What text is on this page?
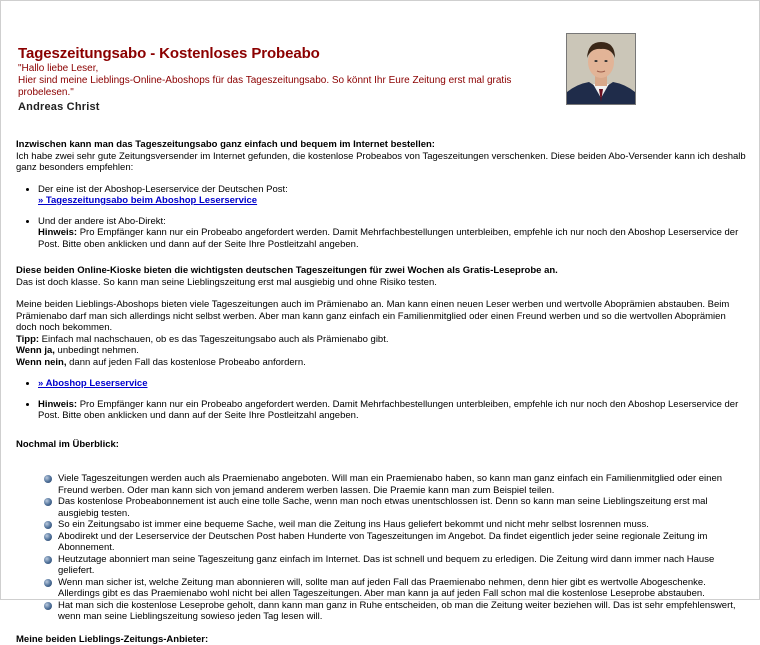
Tageszeitungsabo - Kostenloses Probeabo
"Hallo liebe Leser,
Hier sind meine Lieblings-Online-Aboshops für das Tageszeitungsabo. So könnt Ihr Eure Zeitung erst mal gratis probelesen."
Andreas Christ

Inzwischen kann man das Tageszeitungsabo ganz einfach und bequem im Internet bestellen:

Ich habe zwei sehr gute Zeitungsversender im Internet gefunden, die kostenlose Probeabos von Tageszeitungen verschenken. Diese beiden Abo-Versender kann ich deshalb ganz besonders empfehlen:

• Der eine ist der Aboshop-Leserservice der Deutschen Post:
» Tageszeitungsabo beim Aboshop Leserservice
• Und der andere ist Abo-Direkt:
Hinweis: Pro Empfänger kann nur ein Probeabo angefordert werden. Damit Mehrfachbestellungen unterbleiben, empfehle ich nur noch den Aboshop Leserservice der Post. Bitte oben anklicken und dann auf der Seite Ihre Postleitzahl angeben.

Diese beiden Online-Kioske bieten die wichtigsten deutschen Tageszeitungen für zwei Wochen als Gratis-Leseprobe an.

Das ist doch klasse. So kann man seine Lieblingszeitung erst mal ausgiebig und ohne Risiko testen.

Meine beiden Lieblings-Aboshops bieten viele Tageszeitungen auch im Prämienabo an. Man kann einen neuen Leser werben und wertvolle Aboprämien abstauben. Beim Prämienabo darf man sich allerdings nicht selbst werben. Aber man kann ganz einfach ein Familienmitglied oder einen Freund werben und so die wertvollen Aboprämien doch noch bekommen.

Tipp: Einfach mal nachschauen, ob es das Tageszeitungsabo auch als Prämienabo gibt.

Wenn ja, unbedingt nehmen.

Wenn nein, dann auf jeden Fall das kostenlose Probeabo anfordern.

• » Aboshop Leserservice
• Hinweis: Pro Empfänger kann nur ein Probeabo angefordert werden. Damit Mehrfachbestellungen unterbleiben, empfehle ich nur noch den Aboshop Leserservice der Post. Bitte oben anklicken und dann auf der Seite Ihre Postleitzahl angeben.

Nochmal im Überblick:

Viele Tageszeitungen werden auch als Praemienabo angeboten. Will man ein Praemienabo haben, so kann man ganz einfach ein Familienmitglied oder einen Freund werben. Oder man kann sich von jemand anderem werben lassen. Die Praemie kann man zum Beispiel teilen.
Das kostenlose Probeabonnement ist auch eine tolle Sache, wenn man noch etwas unentschlossen ist. Denn so kann man seine Lieblingszeitung erst mal ausgiebig testen.
So ein Zeitungsabo ist immer eine bequeme Sache, weil man die Zeitung ins Haus geliefert bekommt und nicht mehr selbst losrennen muss.
Abodirekt und der Leserservice der Deutschen Post haben Hunderte von Tageszeitungen im Angebot. Da findet eigentlich jeder seine regionale Zeitung im Abonnement.
Heutzutage abonniert man seine Tageszeitung ganz einfach im Internet. Das ist schnell und bequem zu erledigen. Die Zeitung wird dann immer nach Hause geliefert.
Wenn man sicher ist, welche Zeitung man abonnieren will, sollte man auf jeden Fall das Praemienabo nehmen, denn hier gibt es wertvolle Abogeschenke. Allerdings gibt es das Praemienabo wohl nicht bei allen Tageszeitungen. Aber man kann ja auf jeden Fall schon mal die kostenlose Leseprobe abstauben.
Hat man sich die kostenlose Leseprobe geholt, dann kann man ganz in Ruhe entscheiden, ob man die Zeitung weiter beziehen will. Das ist sehr empfehlenswert, wenn man seine Lieblingszeitung sowieso jeden Tag lesen will.

Meine beiden Lieblings-Zeitungs-Anbieter:
